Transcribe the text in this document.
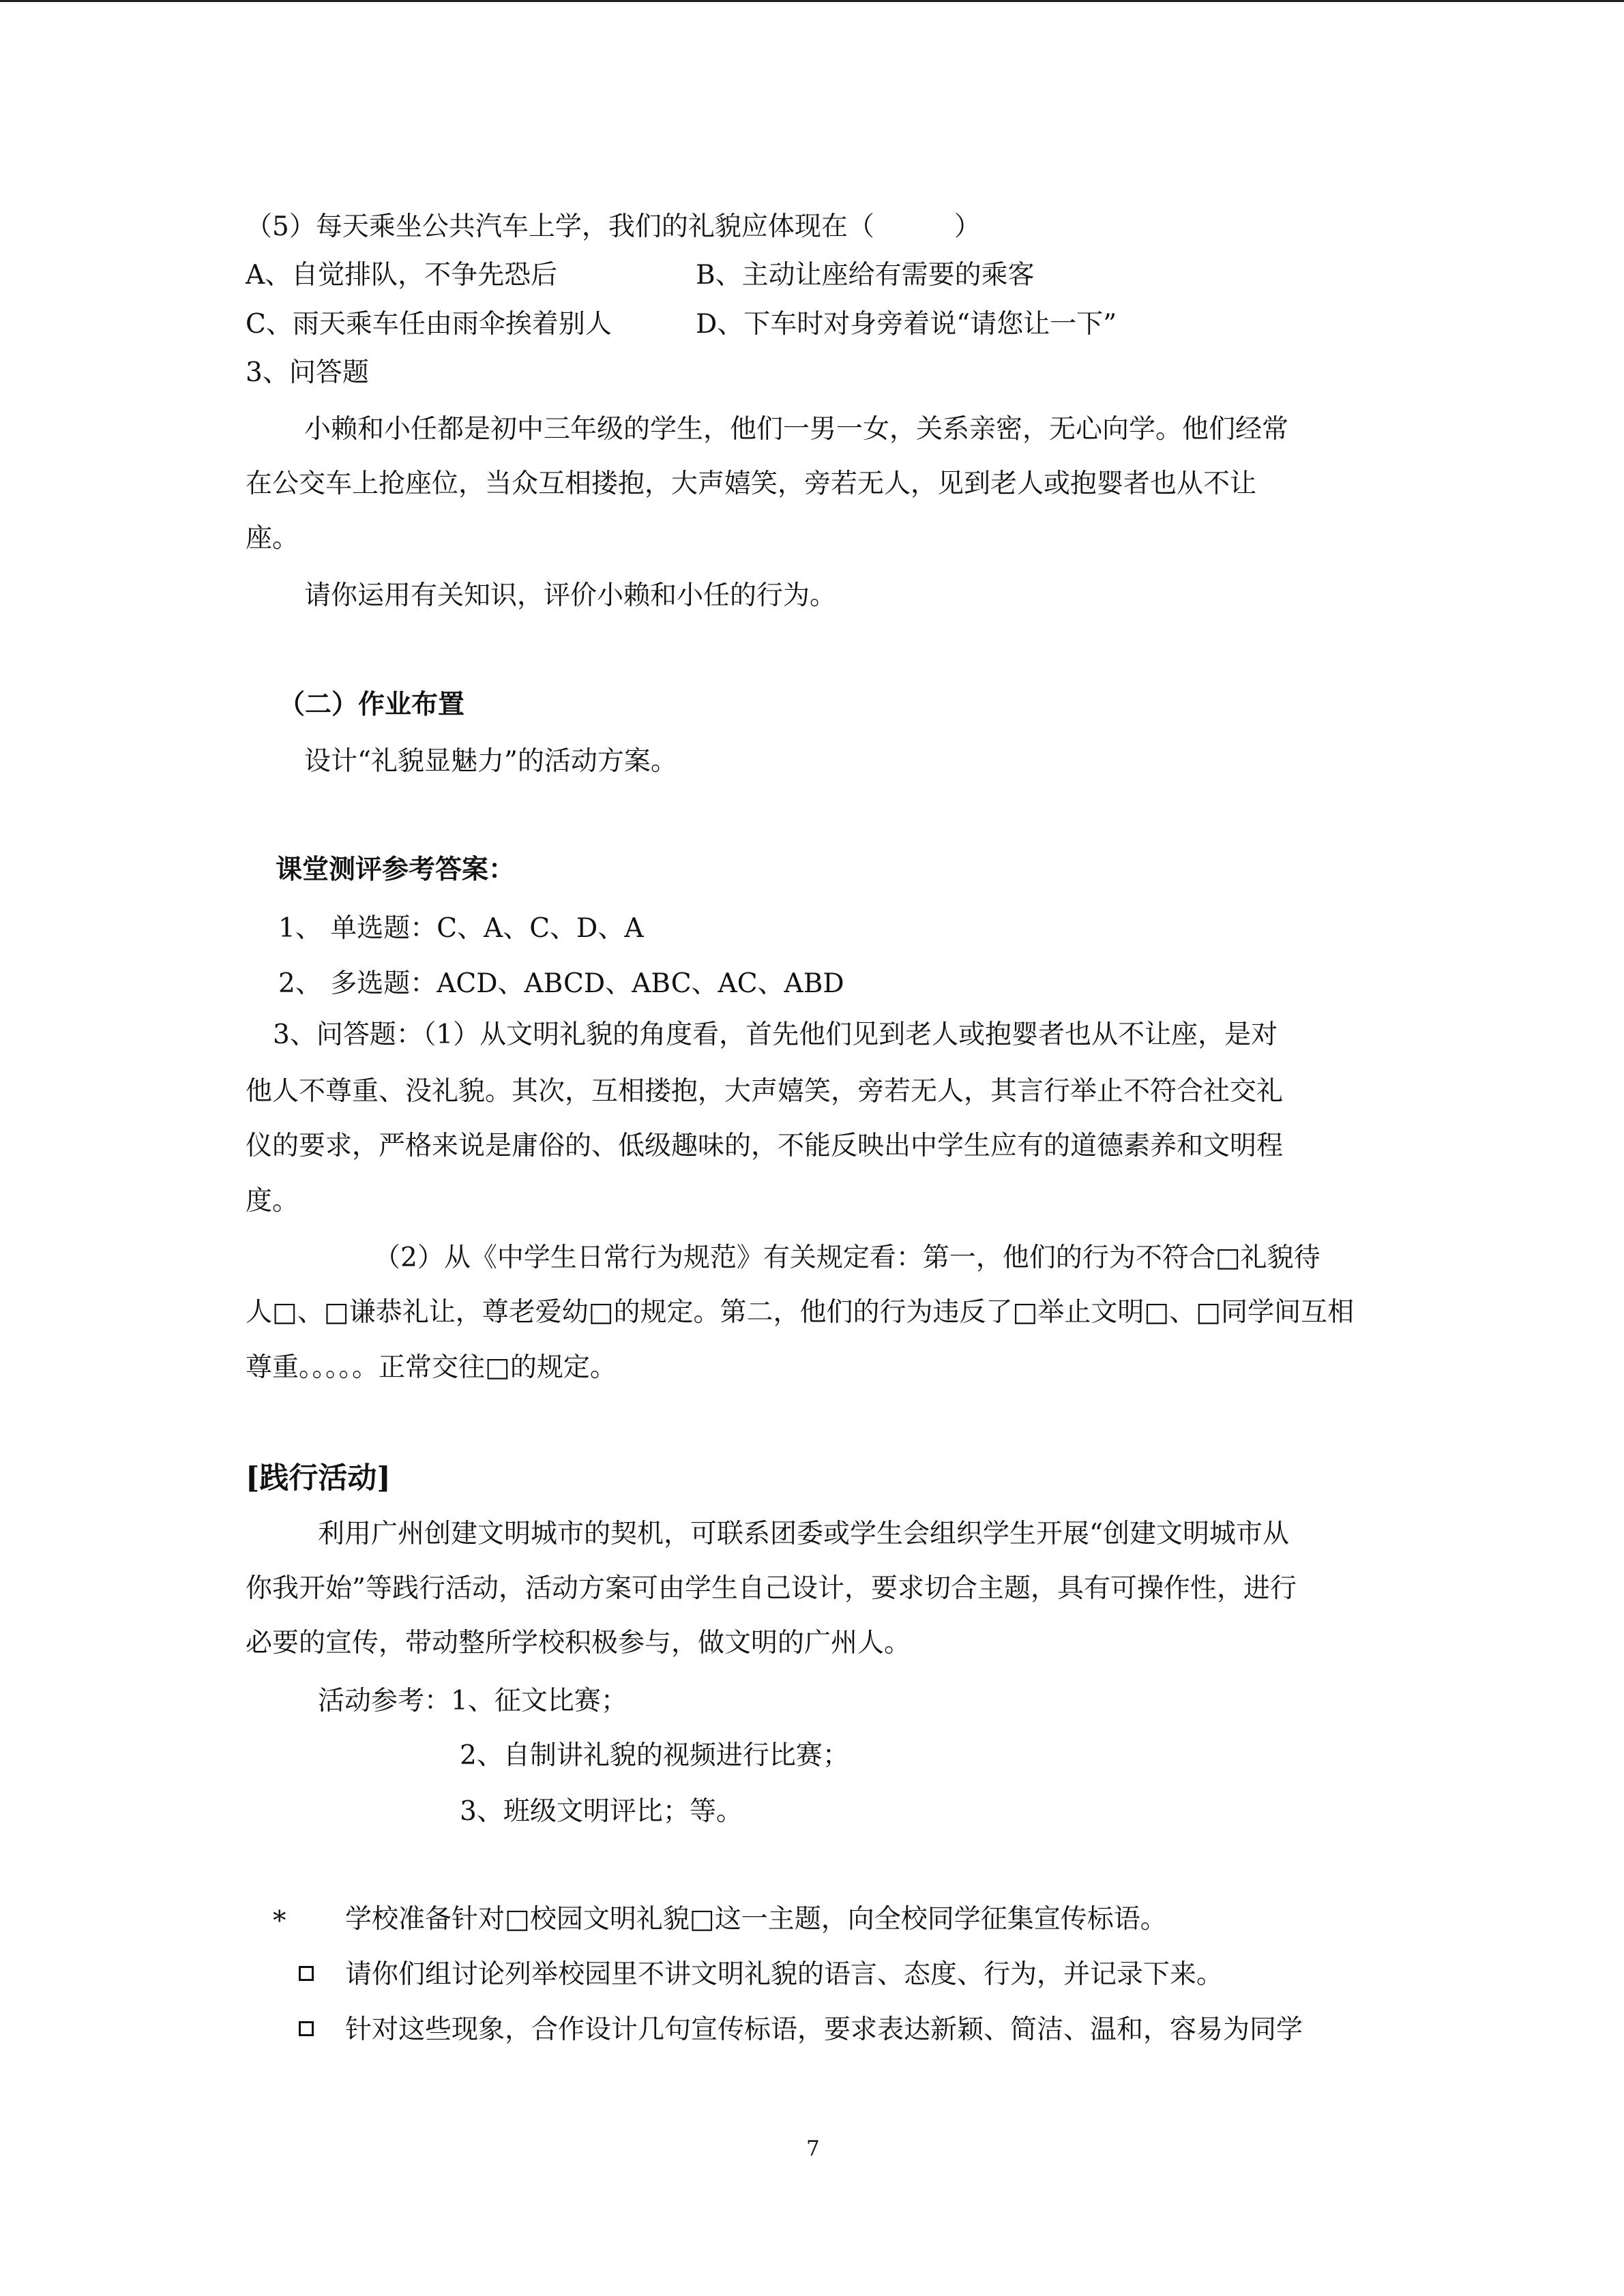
（5）每天乘坐公共汽车上学，我们的礼貌应体现在（　　　）
A、自觉排队，不争先恐后	B、主动让座给有需要的乘客
C、雨天乘车任由雨伞挨着别人	D、下车时对身旁着说“请您让一下”
3、问答题
小赖和小任都是初中三年级的学生，他们一男一女，关系亲密，无心向学。他们经常
在公交车上抢座位，当众互相搂抱，大声嬉笑，旁若无人，见到老人或抱婴者也从不让
座。
请你运用有关知识，评价小赖和小任的行为。
（二）作业布置
设计“礼貌显魅力”的活动方案。
课堂测评参考答案：
1、 单选题：C、A、C、D、A
2、 多选题：ACD、ABCD、ABC、AC、ABD
3、问答题：（1）从文明礼貌的角度看，首先他们见到老人或抱婴者也从不让座，是对
他人不尊重、没礼貌。其次，互相搂抱，大声嬉笑，旁若无人，其言行举止不符合社交礼
仪的要求，严格来说是庸俗的、低级趣味的，不能反映出中学生应有的道德素养和文明程
度。
（2）从《中学生日常行为规范》有关规定看：第一，他们的行为不符合□礼貌待
人□、□谦恭礼让，尊老爱幼□的规定。第二，他们的行为违反了□举止文明□、□同学间互相
尊重。。。。。正常交往□的规定。
[践行活动]
利用广州创建文明城市的契机，可联系团委或学生会组织学生开展“创建文明城市从
你我开始”等践行活动，活动方案可由学生自己设计，要求切合主题，具有可操作性，进行
必要的宣传，带动整所学校积极参与，做文明的广州人。
活动参考：1、征文比赛；
2、自制讲礼貌的视频进行比赛；
3、班级文明评比；等。
* 学校准备针对□校园文明礼貌□这一主题，向全校同学征集宣传标语。
请你们组讨论列举校园里不讲文明礼貌的语言、态度、行为，并记录下来。
针对这些现象，合作设计几句宣传标语，要求表达新颖、简洁、温和，容易为同学
7
